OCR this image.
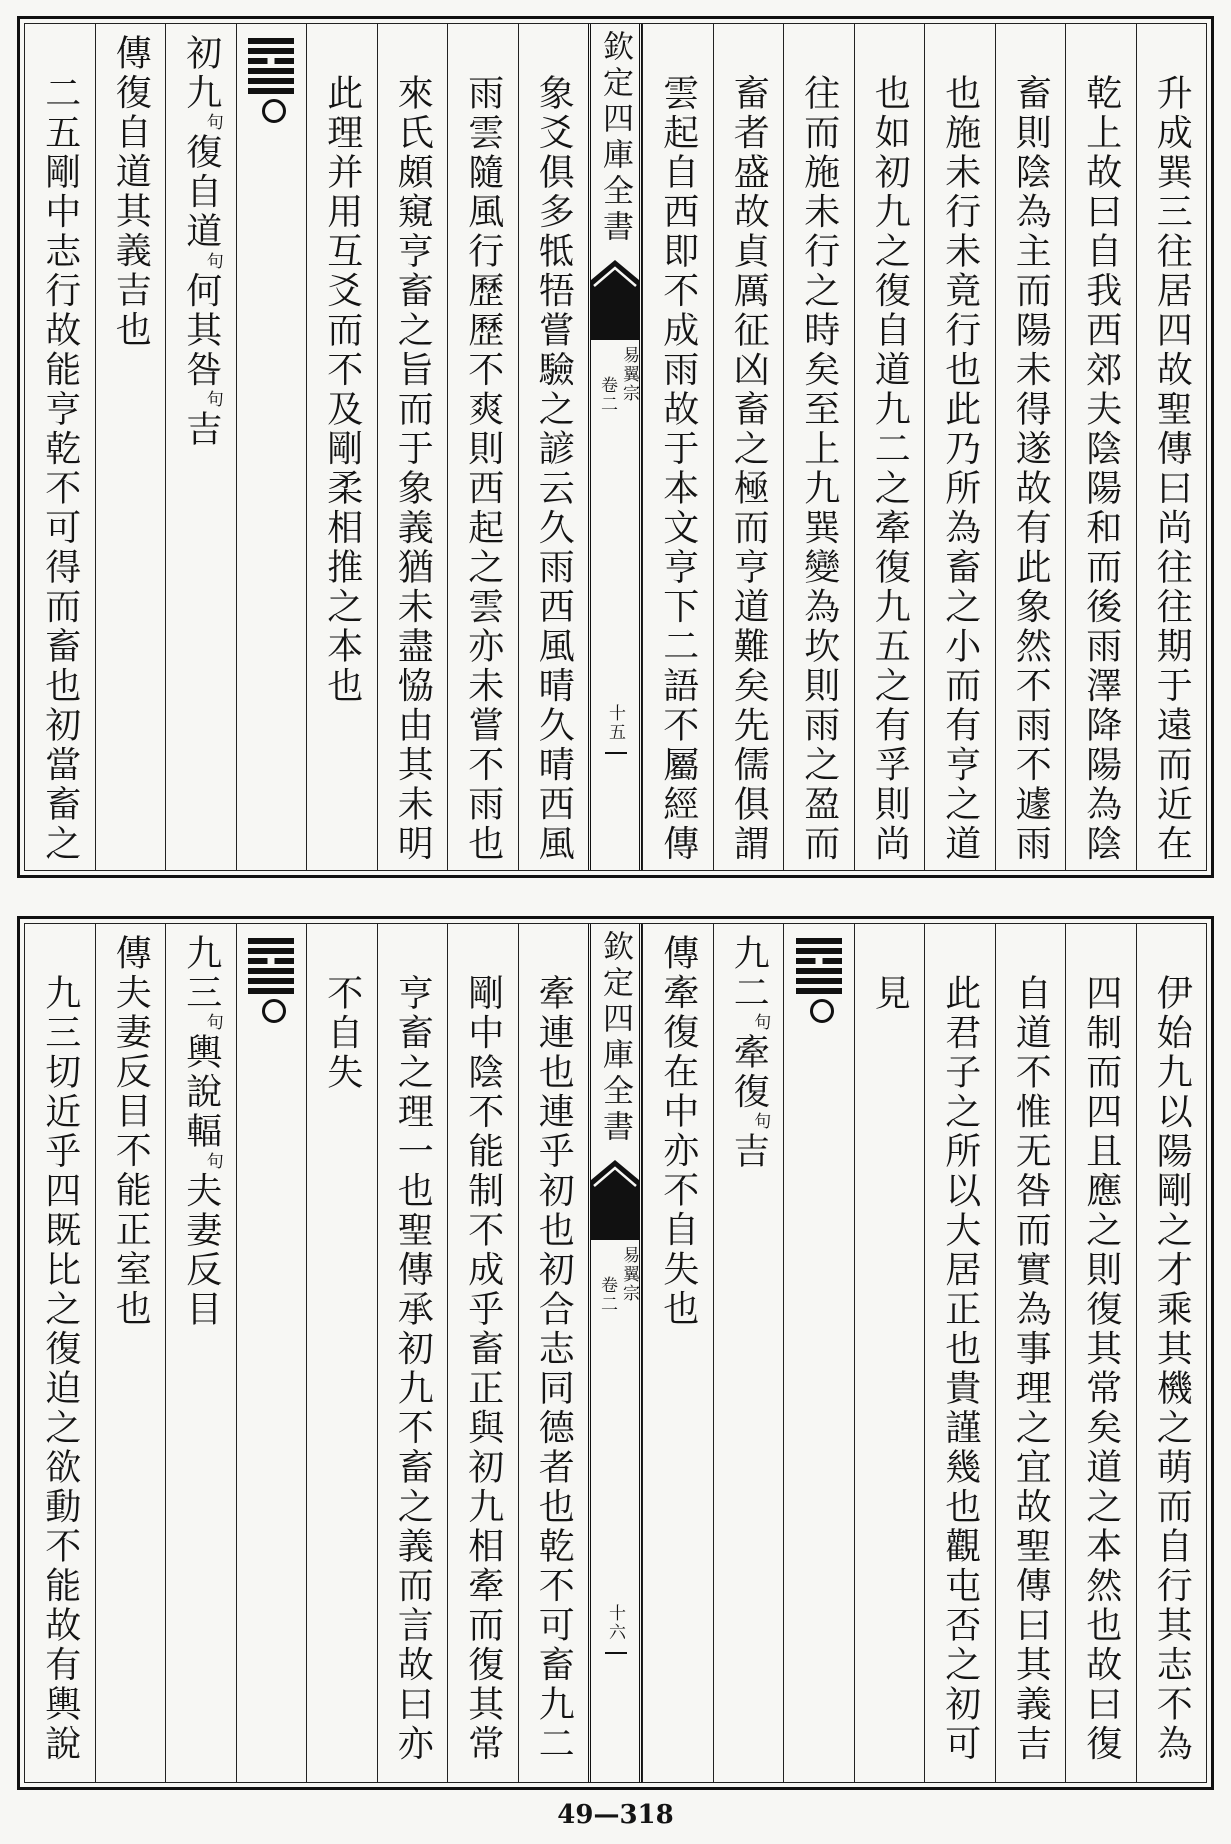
升成巽三往居四故聖傳曰尚往往期于遠而近在
乾上故曰自我西郊夫陰陽和而後雨澤降陽為陰
畜則陰為主而陽未得遂故有此象然不雨不遽雨
也施未行未竟行也此乃所為畜之小而有亨之道
也如初九之復自道九二之牽復九五之有孚則尚
往而施未行之時矣至上九巽變為坎則雨之盈而
畜者盛故貞厲征凶畜之極而亨道難矣先儒俱謂
雲起自西即不成雨故于本文亨下二語不屬經傳
欽定四庫全書
易翼宗
卷二
十五
象爻俱多牴牾嘗驗之諺云久雨西風晴久晴西風
雨雲隨風行歷歷不爽則西起之雲亦未嘗不雨也
來氏頗窺亨畜之旨而于象義猶未盡恊由其未明
此理并用互爻而不及剛柔相推之本也
初九句復自道句何其咎句吉
傳復自道其義吉也
二五剛中志行故能亨乾不可得而畜也初當畜之
伊始九以陽剛之才乘其機之萌而自行其志不為
四制而四且應之則復其常矣道之本然也故曰復
自道不惟无咎而實為事理之宜故聖傳曰其義吉
此君子之所以大居正也貴謹幾也觀屯否之初可
見
九二句牽復句吉
傳牽復在中亦不自失也
欽定四庫全書
易翼宗
卷二
十六
牽連也連乎初也初合志同德者也乾不可畜九二
剛中陰不能制不成乎畜正與初九相牽而復其常
亨畜之理一也聖傳承初九不畜之義而言故曰亦
不自失
九三句輿說輻句夫妻反目
傳夫妻反目不能正室也
九三切近乎四既比之復迫之欲動不能故有輿說
49—318
